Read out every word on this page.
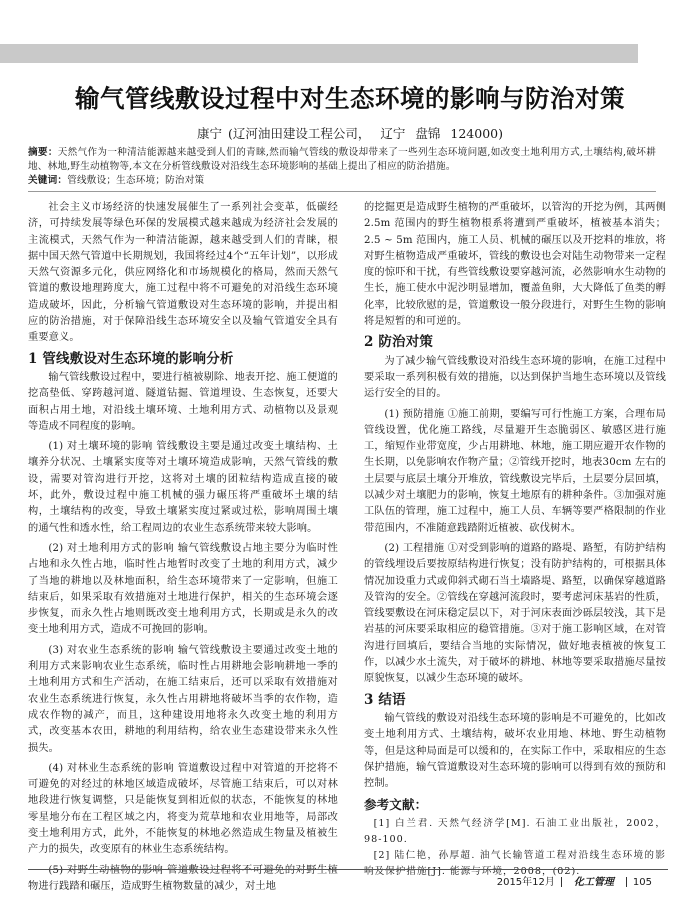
输气管线敷设过程中对生态环境的影响与防治对策
康宁 (辽河油田建设工程公司， 辽宁 盘锦 124000)
摘要：天然气作为一种清洁能源越来越受到人们的青睐,然而输气管线的敷设却带来了一些列生态环境问题,如改变土地利用方式,土壤结构,破坏耕地、林地,野生动植物等,本文在分析管线敷设对沿线生态环境影响的基础上提出了相应的防治措施。
关键词：管线敷设；生态环境；防治对策

社会主义市场经济的快速发展催生了一系列社会变革，低碳经济，可持续发展等绿色环保的发展模式越来越成为经济社会发展的主流模式，天然气作为一种清洁能源，越来越受到人们的青睐，根据中国天然气管道中长期规划，我国将经过4个“五年计划”，以形成天然气资源多元化，供应网络化和市场规模化的格局，然而天然气管道的敷设地理跨度大，施工过程中将不可避免的对沿线生态环境造成破坏，因此，分析输气管道敷设对生态环境的影响，并提出相应的防治措施，对于保障沿线生态环境安全以及输气管道安全具有重要意义。

1 管线敷设对生态环境的影响分析

输气管线敷设过程中，要进行植被剔除、地表开挖、施工便道的挖高垫低、穿跨越河道、隧道钻掘、管道埋设、生态恢复，还要大面积占用土地，对沿线土壤环境、土地利用方式、动植物以及景观等造成不同程度的影响。

(1) 对土壤环境的影响 管线敷设主要是通过改变土壤结构、土壤养分状况、土壤紧实度等对土壤环境造成影响，天然气管线的敷设，需要对管沟进行开挖，这将对土壤的团粒结构造成直接的破坏，此外，敷设过程中施工机械的强力碾压将严重破坏土壤的结构，土壤结构的改变，导致土壤紧实度过紧或过松，影响周围土壤的通气性和透水性，给工程周边的农业生态系统带来较大影响。

(2) 对土地利用方式的影响 输气管线敷设占地主要分为临时性占地和永久性占地，临时性占地暂时改变了土地的利用方式，减少了当地的耕地以及林地面积，给生态环境带来了一定影响，但施工结束后，如果采取有效措施对土地进行保护，相关的生态环境会逐步恢复，而永久性占地则既改变土地利用方式，长期或是永久的改变土地利用方式，造成不可挽回的影响。

(3) 对农业生态系统的影响 输气管线敷设主要通过改变土地的利用方式来影响农业生态系统，临时性占用耕地会影响耕地一季的土地利用方式和生产活动，在施工结束后，还可以采取有效措施对农业生态系统进行恢复，永久性占用耕地将破坏当季的农作物，造成农作物的减产，而且，这种建设用地将永久改变土地的利用方式，改变基本农田，耕地的利用结构，给农业生态建设带来永久性损失。

(4) 对林业生态系统的影响 管道敷设过程中对管道的开挖将不可避免的对经过的林地区域造成破坏，尽管施工结束后，可以对林地段进行恢复调整，只是能恢复到相近似的状态，不能恢复的林地零星地分布在工程区域之内，将变为荒草地和农业用地等，局部改变土地利用方式，此外，不能恢复的林地必然造成生物量及植被生产力的损失，改变原有的林业生态系统结构。

(5) 对野生动植物的影响 管道敷设过程将不可避免的对野生植物进行践踏和碾压，造成野生植物数量的减少，对土地

的挖掘更是造成野生植物的严重破坏，以管沟的开挖为例，其两侧2.5m 范围内的野生植物根系将遭到严重破坏，植被基本消失；2.5 ~ 5m 范围内，施工人员、机械的碾压以及开挖料的堆放，将对野生植物造成严重破坏，管线的敷设也会对陆生动物带来一定程度的惊吓和干扰，有些管线敷设要穿越河流，必然影响水生动物的生长，施工使水中泥沙明显增加，覆盖鱼卵，大大降低了鱼类的孵化率，比较欣慰的是，管道敷设一般分段进行，对野生生物的影响将是短暂的和可逆的。

2 防治对策

为了减少输气管线敷设对沿线生态环境的影响，在施工过程中要采取一系列积极有效的措施，以达到保护当地生态环境以及管线运行安全的目的。

(1) 预防措施 ①施工前期，要编写可行性施工方案，合理布局管线设置，优化施工路线，尽量避开生态脆弱区、敏感区进行施工，缩短作业带宽度，少占用耕地、林地，施工期应避开农作物的生长期，以免影响农作物产量；②管线开挖时，地表30cm 左右的土层要与底层土壤分开堆放，管线敷设完毕后，土层要分层回填，以减少对土壤肥力的影响，恢复土地原有的耕种条件。③加强对施工队伍的管理，施工过程中，施工人员、车辆等要严格限制的作业带范围内，不准随意践踏附近植被、砍伐树木。

(2) 工程措施 ①对受到影响的道路的路堤、路堑，有防护结构的管线埋设后要按原结构进行恢复；没有防护结构的，可根据具体情况加设重力式或仰斜式砌石当土墙路堤、路堑，以确保穿越道路及管沟的安全。②管线在穿越河流段时，要考虑河床基岩的性质，管线要敷设在河床稳定层以下，对于河床表面沙砾层较浅，其下是岩基的河床要采取相应的稳管措施。③对于施工影响区域，在对管沟进行回填后，要结合当地的实际情况，做好地表植被的恢复工作，以减少水土流失，对于破坏的耕地、林地等要采取措施尽量按原貌恢复，以减少生态环境的破坏。

3 结语

输气管线的敷设对沿线生态环境的影响是不可避免的，比如改变土地利用方式、土壤结构，破坏农业用地、林地、野生动植物等，但是这种局面是可以缓和的，在实际工作中，采取相应的生态保护措施，输气管道敷设对生态环境的影响可以得到有效的预防和控制。

参考文献：

[1] 白兰君. 天然气经济学[M]. 石油工业出版社，2002，98-100.

[2] 陆仁艳，孙厚超. 油气长输管道工程对沿线生态环境的影响及保护措施[J]. 能源与环境，2008，(02).

2015年12月 化工管理 105
